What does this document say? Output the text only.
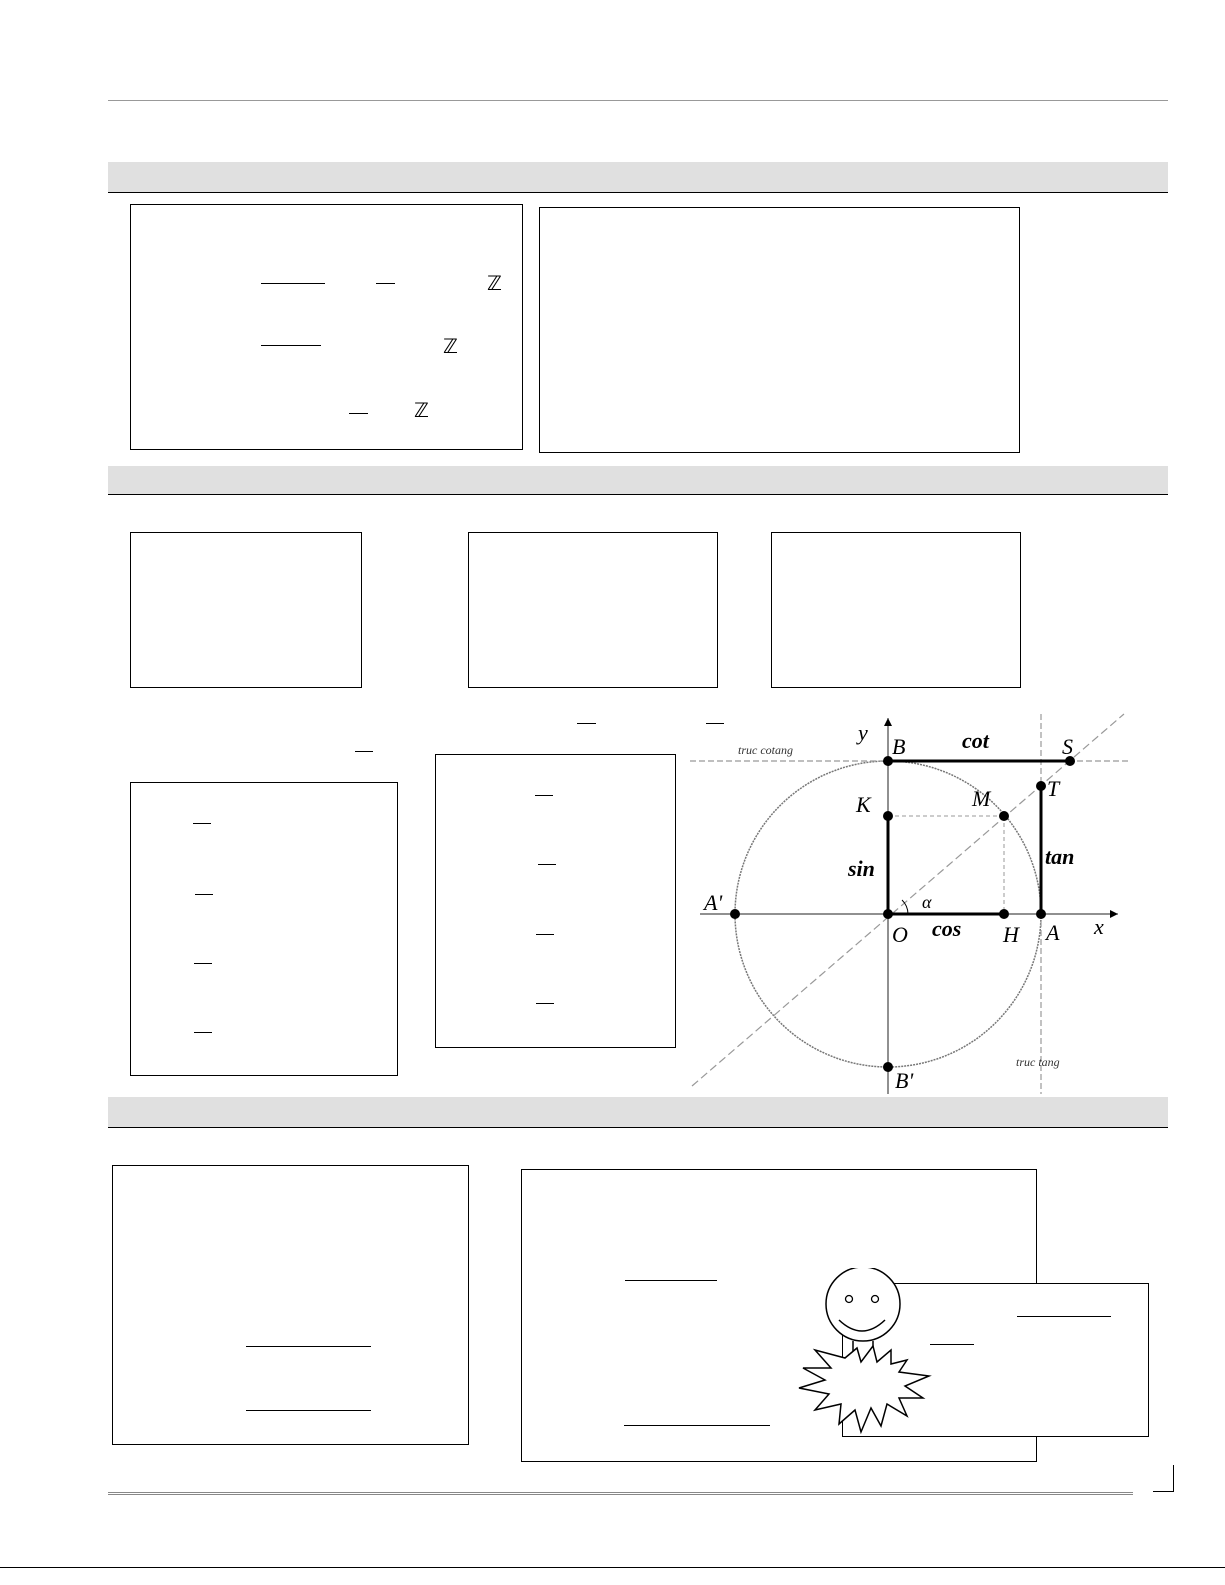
ℤ
ℤ
ℤ
y
x
B
O	A
A'
B'
M
H
K
T
S
sin
cos
tan
cot
α
truc cotang
truc tang
